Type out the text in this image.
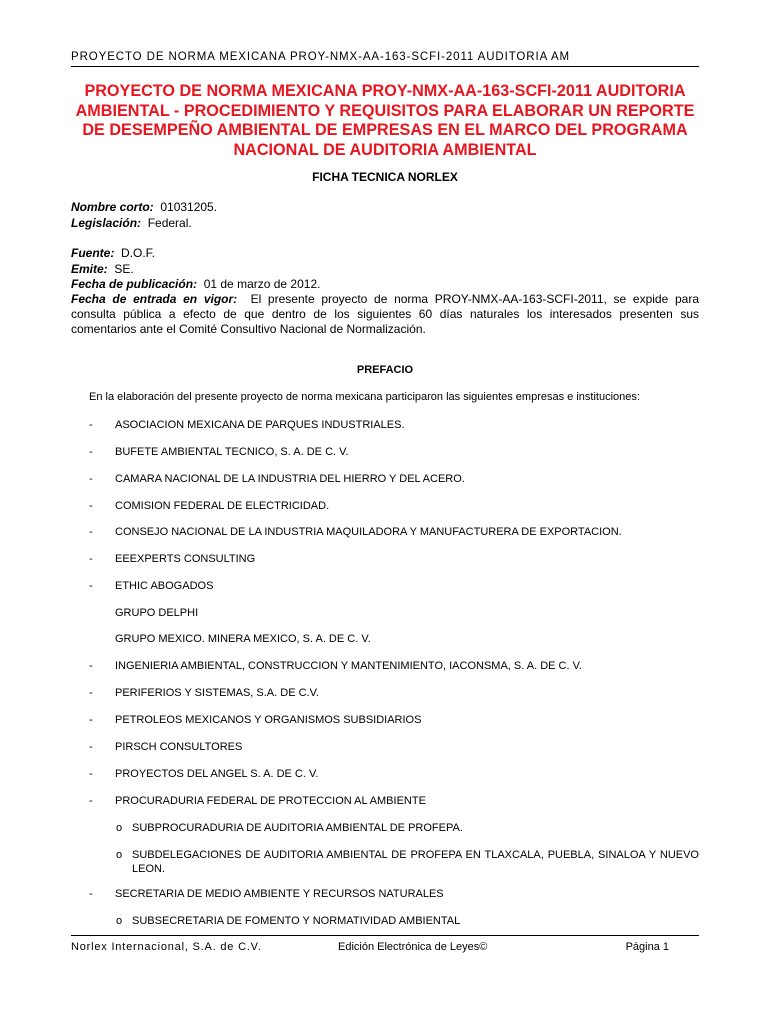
PROYECTO DE NORMA MEXICANA PROY-NMX-AA-163-SCFI-2011 AUDITORIA AM
PROYECTO DE NORMA MEXICANA PROY-NMX-AA-163-SCFI-2011 AUDITORIA AMBIENTAL - PROCEDIMIENTO Y REQUISITOS PARA ELABORAR UN REPORTE DE DESEMPEÑO AMBIENTAL DE EMPRESAS EN EL MARCO DEL PROGRAMA NACIONAL DE AUDITORIA AMBIENTAL
FICHA TECNICA NORLEX
Nombre corto: 01031205.
Legislación: Federal.
Fuente: D.O.F.
Emite: SE.
Fecha de publicación: 01 de marzo de 2012.
Fecha de entrada en vigor: El presente proyecto de norma PROY-NMX-AA-163-SCFI-2011, se expide para consulta pública a efecto de que dentro de los siguientes 60 días naturales los interesados presenten sus comentarios ante el Comité Consultivo Nacional de Normalización.
PREFACIO
En la elaboración del presente proyecto de norma mexicana participaron las siguientes empresas e instituciones:
- ASOCIACION MEXICANA DE PARQUES INDUSTRIALES.
- BUFETE AMBIENTAL TECNICO, S. A. DE C. V.
- CAMARA NACIONAL DE LA INDUSTRIA DEL HIERRO Y DEL ACERO.
- COMISION FEDERAL DE ELECTRICIDAD.
- CONSEJO NACIONAL DE LA INDUSTRIA MAQUILADORA Y MANUFACTURERA DE EXPORTACION.
- EEEXPERTS CONSULTING
- ETHIC ABOGADOS
GRUPO DELPHI
GRUPO MEXICO. MINERA MEXICO, S. A. DE C. V.
- INGENIERIA AMBIENTAL, CONSTRUCCION Y MANTENIMIENTO, IACONSMA, S. A. DE C. V.
- PERIFERIOS Y SISTEMAS, S.A. DE C.V.
- PETROLEOS MEXICANOS Y ORGANISMOS SUBSIDIARIOS
- PIRSCH CONSULTORES
- PROYECTOS DEL ANGEL S. A. DE C. V.
- PROCURADURIA FEDERAL DE PROTECCION AL AMBIENTE
o SUBPROCURADURIA DE AUDITORIA AMBIENTAL DE PROFEPA.
o SUBDELEGACIONES DE AUDITORIA AMBIENTAL DE PROFEPA EN TLAXCALA, PUEBLA, SINALOA Y NUEVO LEON.
- SECRETARIA DE MEDIO AMBIENTE Y RECURSOS NATURALES
o SUBSECRETARIA DE FOMENTO Y NORMATIVIDAD AMBIENTAL
Norlex Internacional, S.A. de C.V.	Edición Electrónica de Leyes©	Página 1
